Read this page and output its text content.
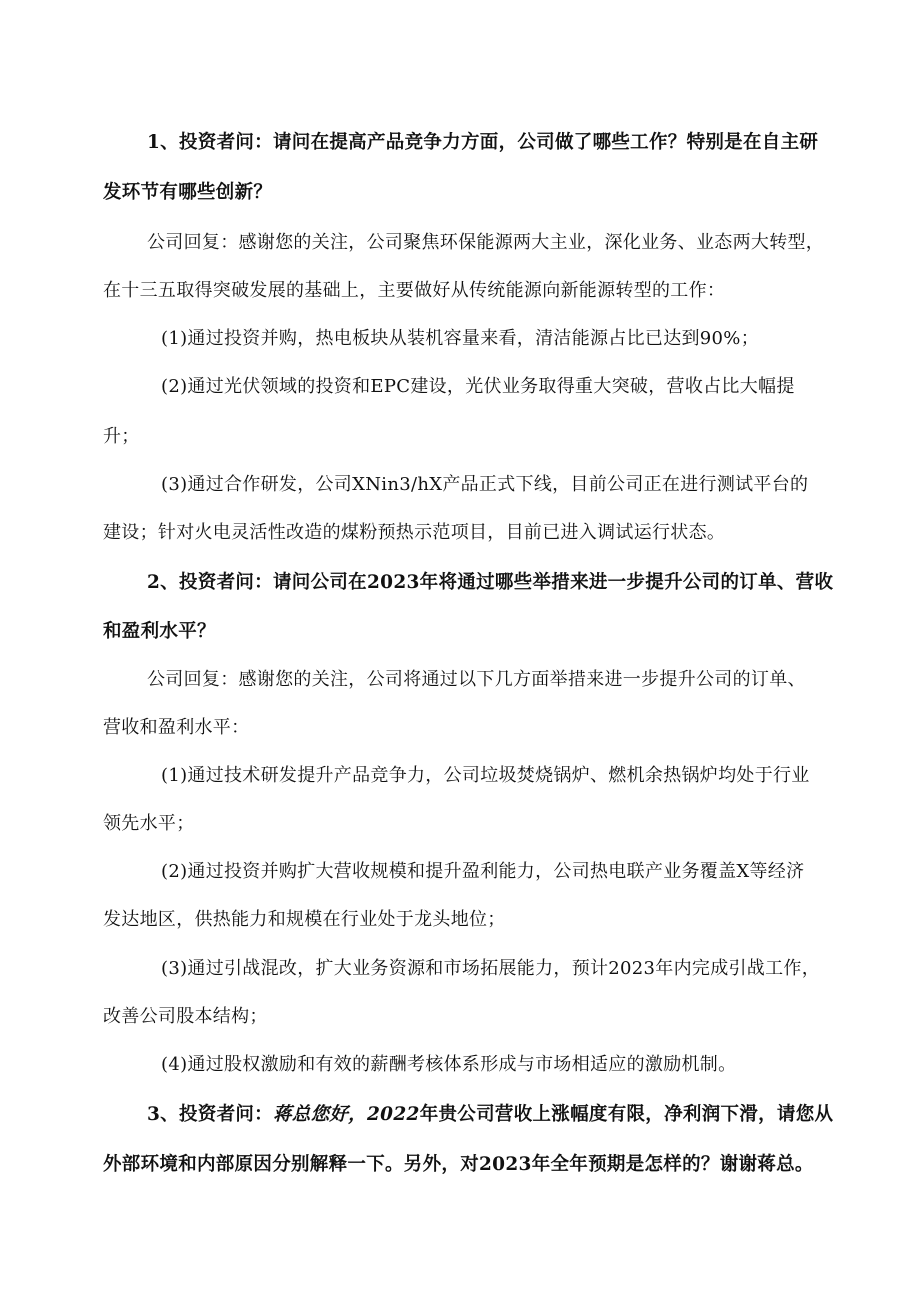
1、投资者问：请问在提高产品竞争力方面，公司做了哪些工作？特别是在自主研
发环节有哪些创新？
公司回复：感谢您的关注，公司聚焦环保能源两大主业，深化业务、业态两大转型，
在十三五取得突破发展的基础上，主要做好从传统能源向新能源转型的工作：
(1)通过投资并购，热电板块从装机容量来看，清洁能源占比已达到90%；
(2)通过光伏领域的投资和EPC建设，光伏业务取得重大突破，营收占比大幅提
升；
(3)通过合作研发，公司XNin3/hX产品正式下线，目前公司正在进行测试平台的
建设；针对火电灵活性改造的煤粉预热示范项目，目前已进入调试运行状态。
2、投资者问：请问公司在2023年将通过哪些举措来进一步提升公司的订单、营收
和盈利水平？
公司回复：感谢您的关注，公司将通过以下几方面举措来进一步提升公司的订单、
营收和盈利水平：
(1)通过技术研发提升产品竞争力，公司垃圾焚烧锅炉、燃机余热锅炉均处于行业
领先水平；
(2)通过投资并购扩大营收规模和提升盈利能力，公司热电联产业务覆盖X等经济
发达地区，供热能力和规模在行业处于龙头地位；
(3)通过引战混改，扩大业务资源和市场拓展能力，预计2023年内完成引战工作，
改善公司股本结构；
(4)通过股权激励和有效的薪酬考核体系形成与市场相适应的激励机制。
3、投资者问：蒋总您好，2022年贵公司营收上涨幅度有限，净利润下滑，请您从
外部环境和内部原因分别解释一下。另外，对2023年全年预期是怎样的？谢谢蒋总。
